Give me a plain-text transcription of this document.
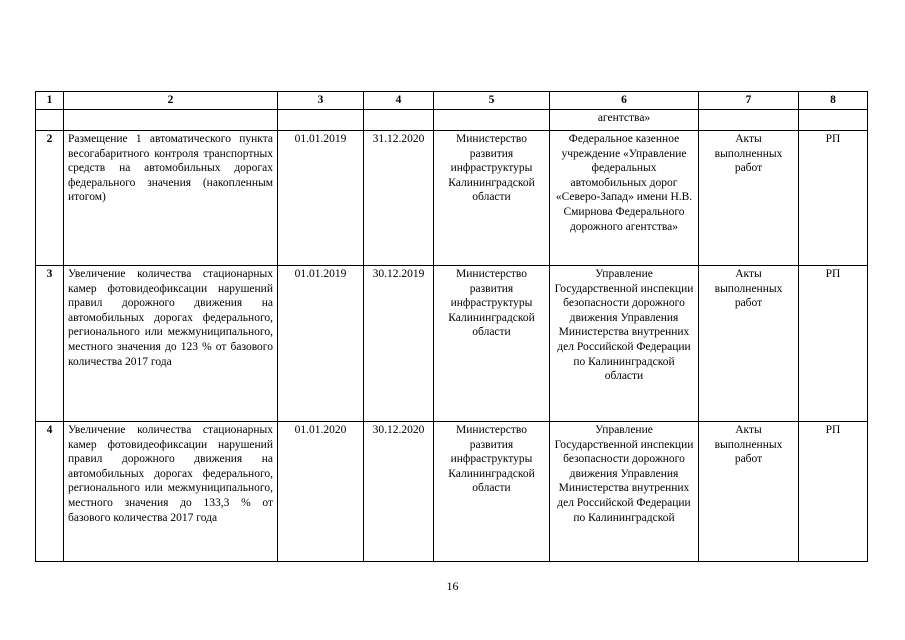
1	2	3	4	5	6	7	8
					агентства»		
2	Размещение 1 автоматического пункта весогабаритного контроля транспортных средств на автомобильных дорогах федерального значения (накопленным итогом)	01.01.2019	31.12.2020	Министерство развития инфраструктуры Калининградской области	Федеральное казенное учреждение «Управление федеральных автомобильных дорог «Северо-Запад» имени Н.В. Смирнова Федерального дорожного агентства»	Акты выполненных работ	РП
3	Увеличение количества стационарных камер фотовидеофиксации нарушений правил дорожного движения на автомобильных дорогах федерального, регионального или межмуниципального, местного значения до 123 % от базового количества 2017 года	01.01.2019	30.12.2019	Министерство развития инфраструктуры Калининградской области	Управление Государственной инспекции безопасности дорожного движения Управления Министерства внутренних дел Российской Федерации по Калининградской области	Акты выполненных работ	РП
4	Увеличение количества стационарных камер фотовидеофиксации нарушений правил дорожного движения на автомобильных дорогах федерального, регионального или межмуниципального, местного значения до 133,3 % от базового количества 2017 года	01.01.2020	30.12.2020	Министерство развития инфраструктуры Калининградской области	Управление Государственной инспекции безопасности дорожного движения Управления Министерства внутренних дел Российской Федерации по Калининградской	Акты выполненных работ	РП
16
